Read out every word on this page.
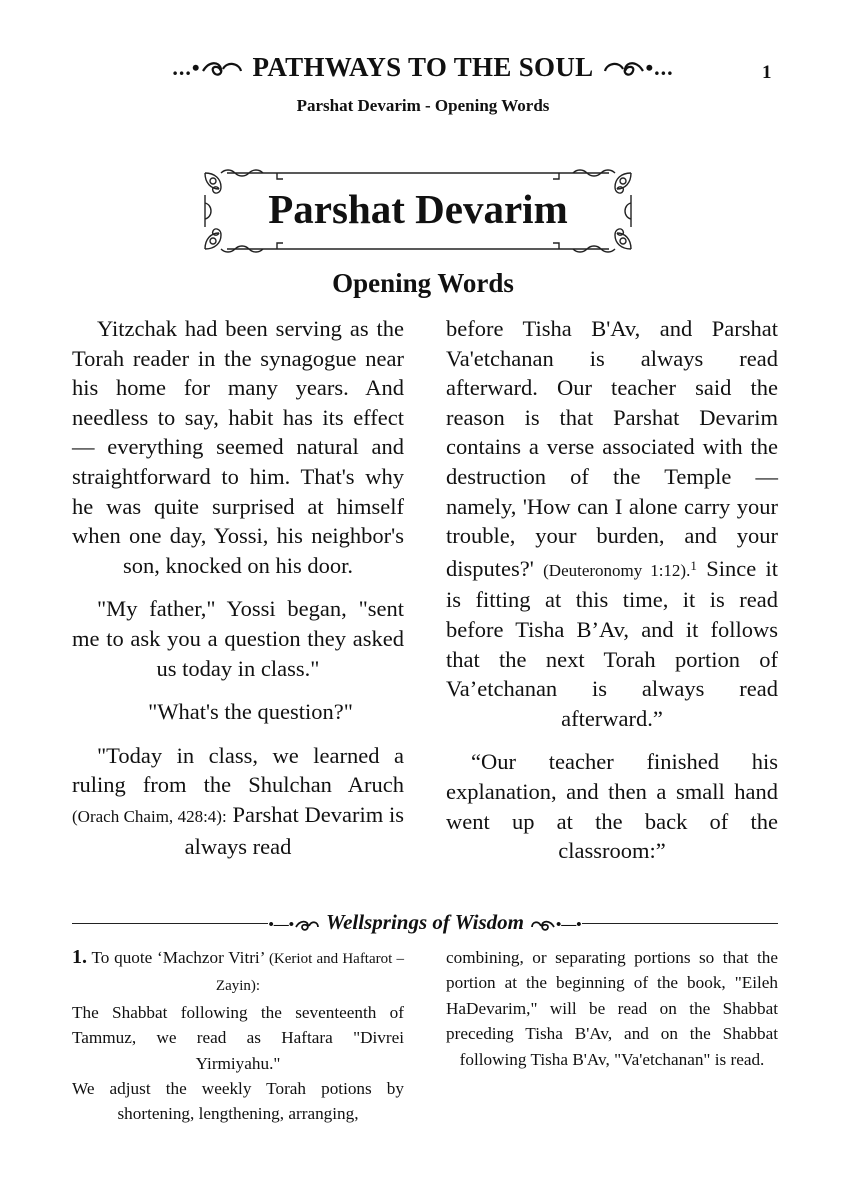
...•	PATHWAYS TO THE SOUL	•...	1
Parshat Devarim - Opening Words
Parshat Devarim
Opening Words

Yitzchak had been serving as the Torah reader in the synagogue near his home for many years. And needless to say, habit has its effect — everything seemed natural and straightforward to him. That's why he was quite surprised at himself when one day, Yossi, his neighbor's son, knocked on his door.

"My father," Yossi began, "sent me to ask you a question they asked us today in class."

"What's the question?"

"Today in class, we learned a ruling from the Shulchan Aruch (Orach Chaim, 428:4): Parshat Devarim is always read

before Tisha B'Av, and Parshat Va'etchanan is always read afterward. Our teacher said the reason is that Parshat Devarim contains a verse associated with the destruction of the Temple — namely, 'How can I alone carry your trouble, your burden, and your disputes?' (Deuteronomy 1:12).$^1$ Since it is fitting at this time, it is read before Tisha B’Av, and it follows that the next Torah portion of Va’etchanan is always read afterward.”

“Our teacher finished his explanation, and then a small hand went up at the back of the classroom:”

•—• Wellsprings of Wisdom •—•

1. To quote ‘Machzor Vitri’ (Keriot and Haftarot – Zayin):

The Shabbat following the seventeenth of Tammuz, we read as Haftara "Divrei Yirmiyahu."

We adjust the weekly Torah potions by shortening, lengthening, arranging,

combining, or separating portions so that the portion at the beginning of the book, "Eileh HaDevarim," will be read on the Shabbat preceding Tisha B'Av, and on the Shabbat following Tisha B'Av, "Va'etchanan" is read.
